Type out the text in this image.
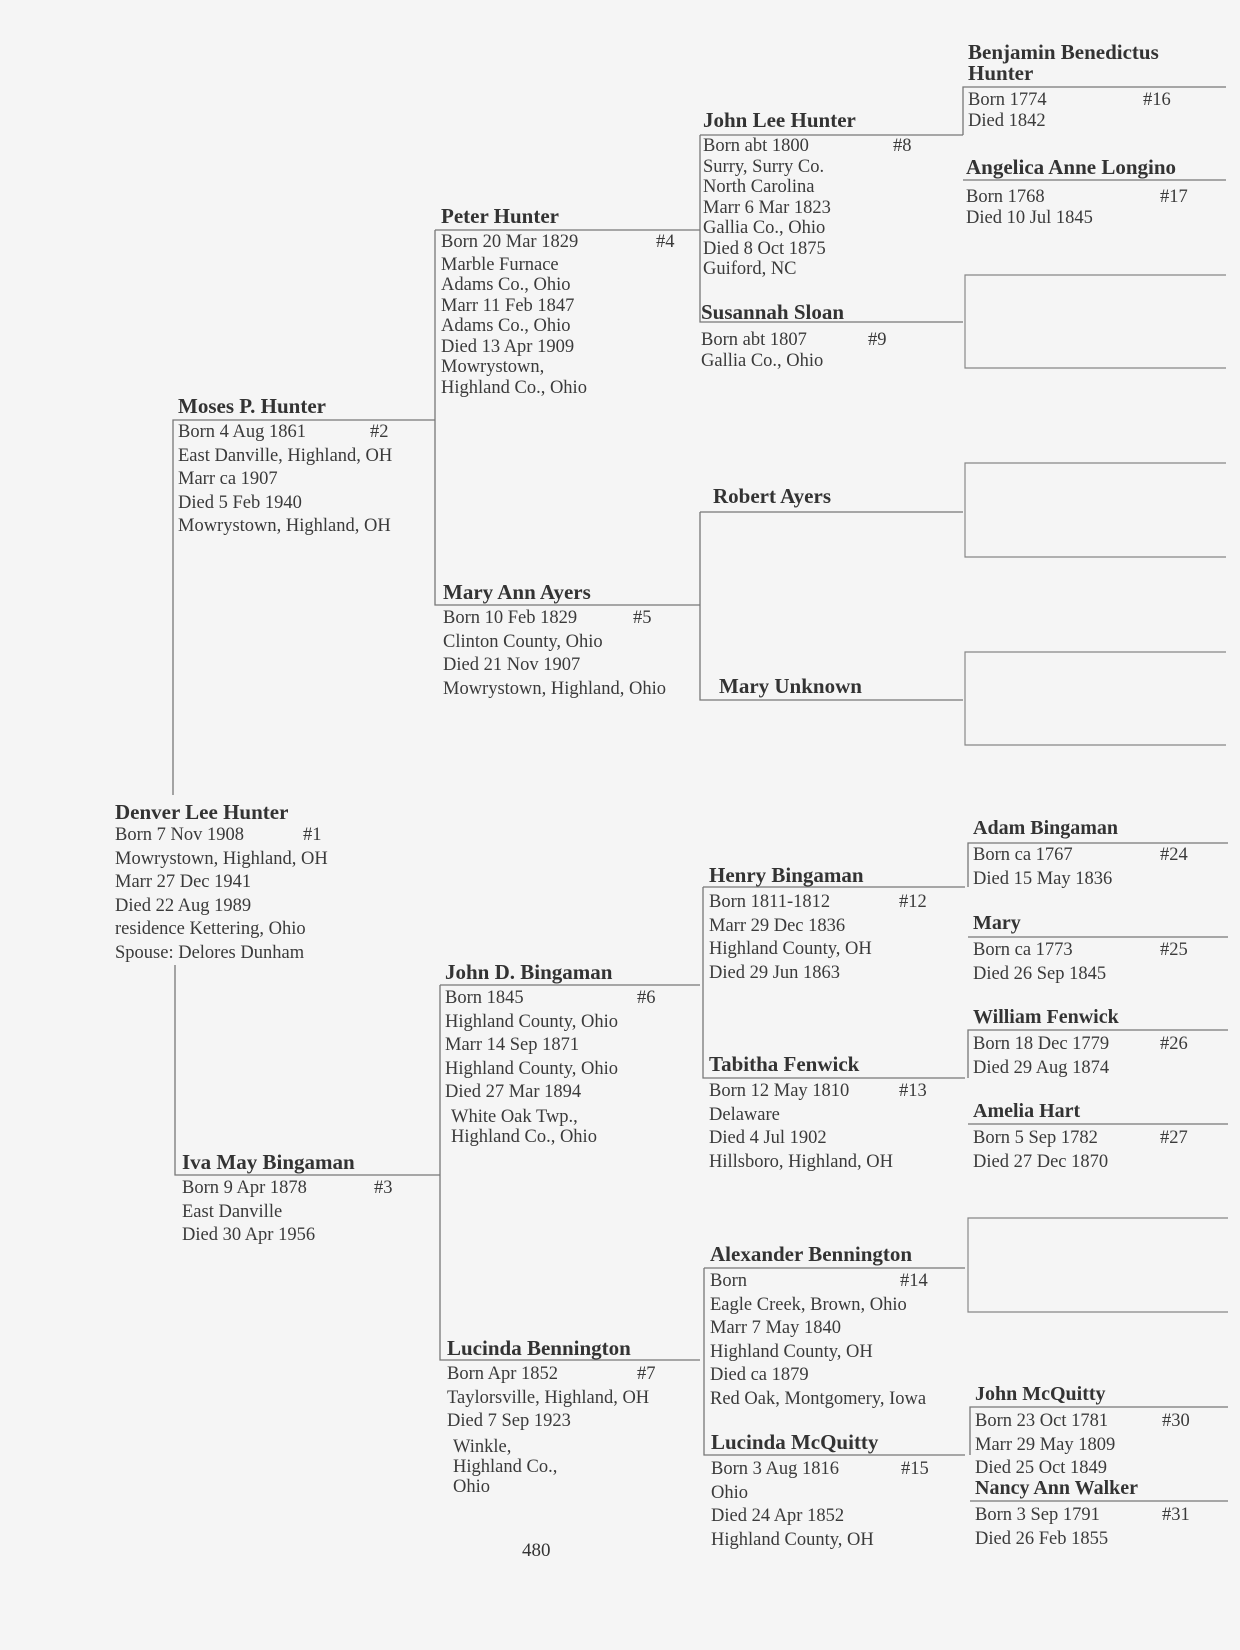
Denver Lee Hunter
Born 7 Nov 1908	#1
Mowrystown, Highland, OH
Marr 27 Dec 1941
Died 22 Aug 1989
residence Kettering, Ohio
Spouse: Delores Dunham
Moses P. Hunter
Born 4 Aug 1861	#2
East Danville, Highland, OH
Marr ca 1907
Died 5 Feb 1940
Mowrystown, Highland, OH
Iva May Bingaman
Born 9 Apr 1878	#3
East Danville
Died 30 Apr 1956
Peter Hunter
Born 20 Mar 1829	#4
Marble Furnace
Adams Co., Ohio
Marr 11 Feb 1847
Adams Co., Ohio
Died 13 Apr 1909
Mowrystown,
Highland Co., Ohio
Mary Ann Ayers
Born 10 Feb 1829	#5
Clinton County, Ohio
Died 21 Nov 1907
Mowrystown, Highland, Ohio
John D. Bingaman
Born 1845	#6
Highland County, Ohio
Marr 14 Sep 1871
Highland County, Ohio
Died 27 Mar 1894
White Oak Twp.,
Highland Co., Ohio
Lucinda Bennington
Born Apr 1852	#7
Taylorsville, Highland, OH
Died 7 Sep 1923
Winkle,
Highland Co.,
Ohio
John Lee Hunter
Born abt 1800	#8
Surry, Surry Co.
North Carolina
Marr 6 Mar 1823
Gallia Co., Ohio
Died 8 Oct 1875
Guiford, NC
Susannah Sloan
Born abt 1807	#9
Gallia Co., Ohio
Robert Ayers
Mary Unknown
Henry Bingaman
Born 1811-1812	#12
Marr 29 Dec 1836
Highland County, OH
Died 29 Jun 1863
Tabitha Fenwick
Born 12 May 1810	#13
Delaware
Died 4 Jul 1902
Hillsboro, Highland, OH
Alexander Bennington
Born	#14
Eagle Creek, Brown, Ohio
Marr 7 May 1840
Highland County, OH
Died ca 1879
Red Oak, Montgomery, Iowa
Lucinda McQuitty
Born 3 Aug 1816	#15
Ohio
Died 24 Apr 1852
Highland County, OH
Benjamin Benedictus
Hunter
Born 1774	#16
Died 1842
Angelica Anne Longino
Born 1768	#17
Died 10 Jul 1845
Adam Bingaman
Born ca 1767	#24
Died 15 May 1836
Mary
Born ca 1773	#25
Died 26 Sep 1845
William Fenwick
Born 18 Dec 1779	#26
Died 29 Aug 1874
Amelia Hart
Born 5 Sep 1782	#27
Died 27 Dec 1870
John McQuitty
Born 23 Oct 1781	#30
Marr 29 May 1809
Died 25 Oct 1849
Nancy Ann Walker
Born 3 Sep 1791	#31
Died 26 Feb 1855
480
